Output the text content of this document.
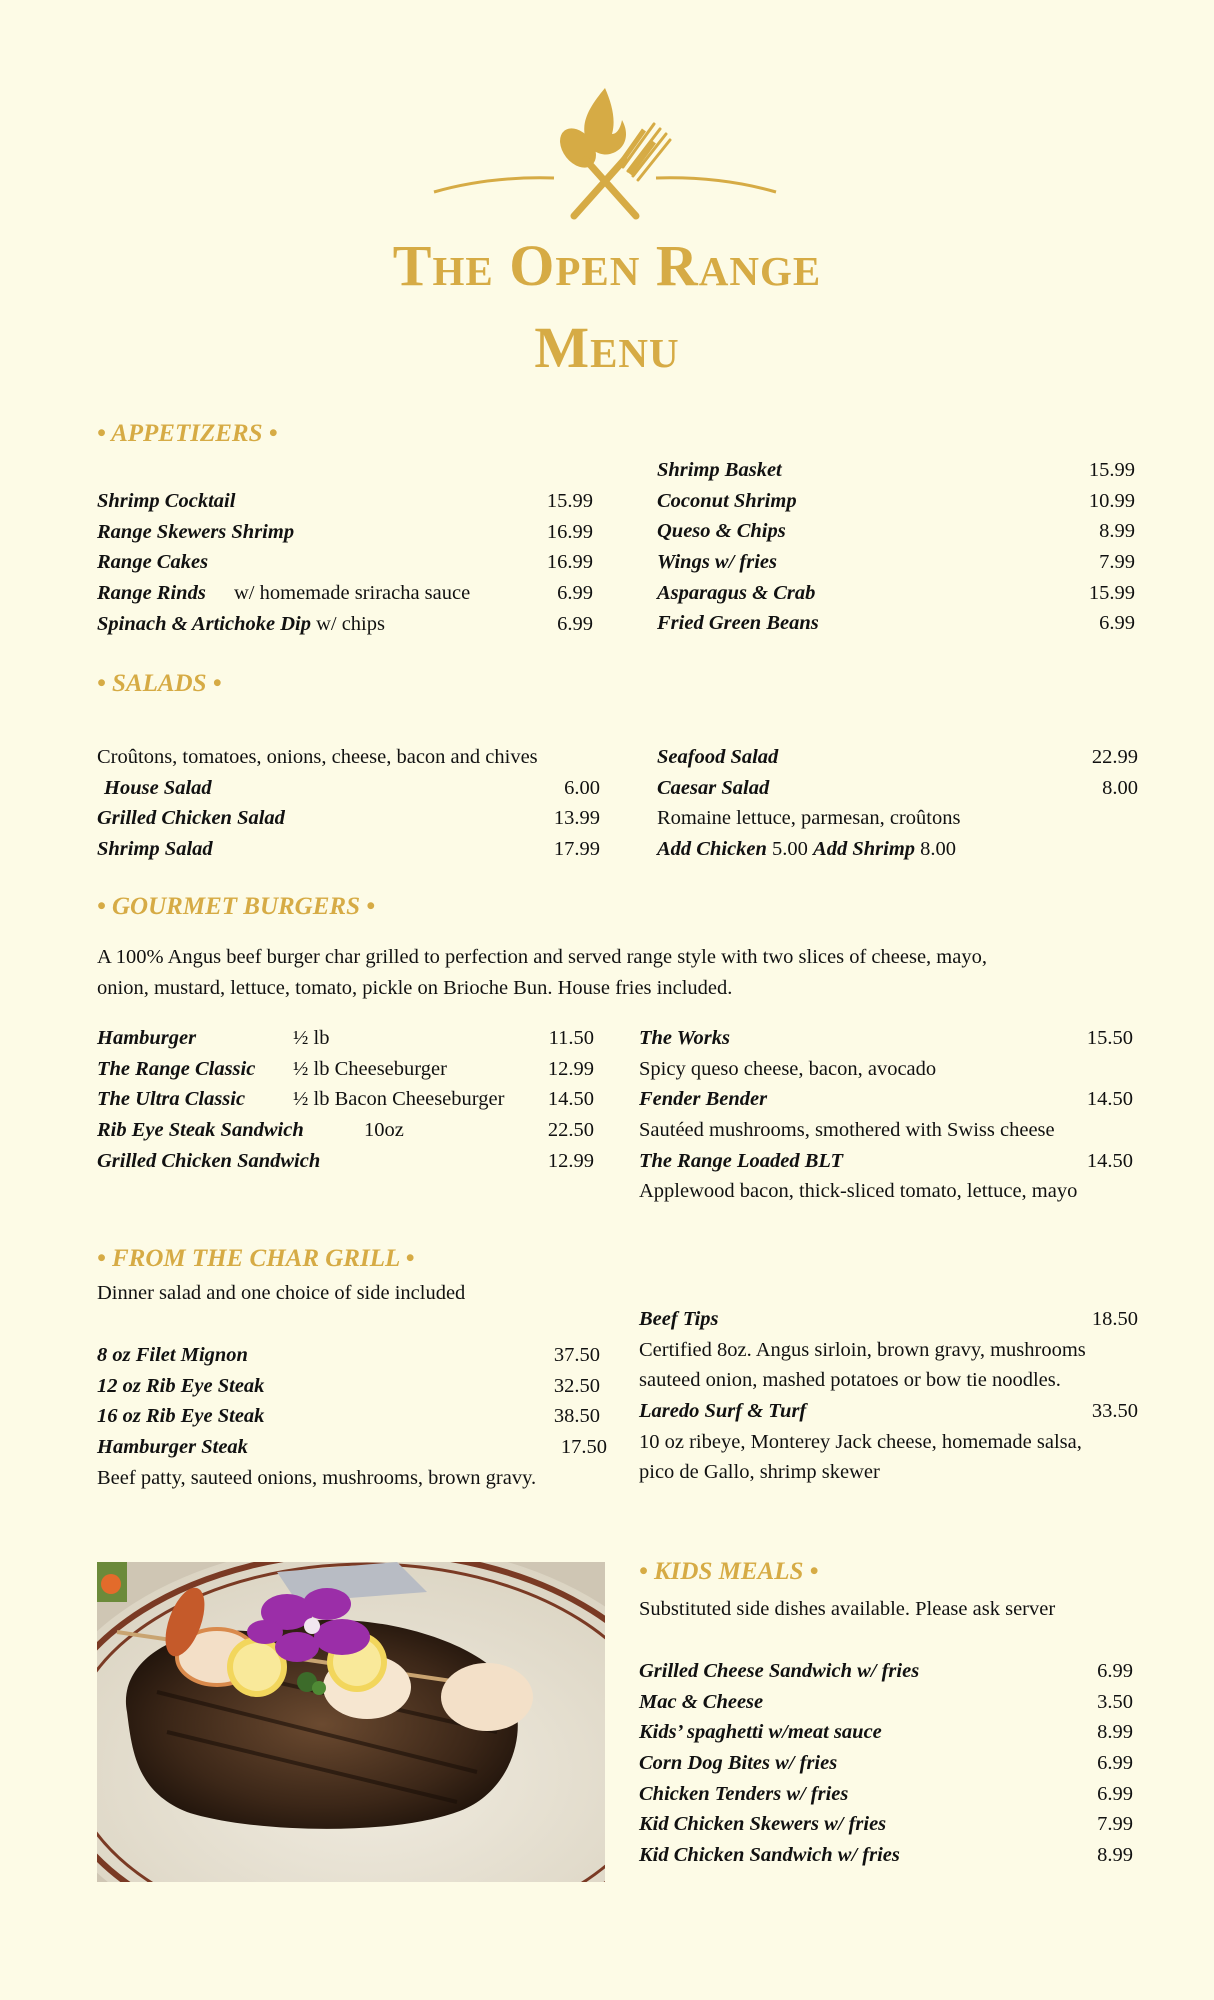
The Open Range
Menu
• APPETIZERS •
Shrimp Cocktail	15.99
Range Skewers Shrimp	16.99
Range Cakes	16.99
Range Rinds w/ homemade sriracha sauce	6.99
Spinach & Artichoke Dip w/ chips	6.99
Shrimp Basket	15.99
Coconut Shrimp	10.99
Queso & Chips	8.99
Wings w/ fries	7.99
Asparagus & Crab	15.99
Fried Green Beans	6.99
• SALADS •
Croûtons, tomatoes, onions, cheese, bacon and chives
House Salad	6.00
Grilled Chicken Salad	13.99
Shrimp Salad	17.99
Seafood Salad	22.99
Caesar Salad	8.00
Romaine lettuce, parmesan, croûtons
Add Chicken 5.00 Add Shrimp 8.00
• GOURMET BURGERS •
A 100% Angus beef burger char grilled to perfection and served range style with two slices of cheese, mayo,
onion, mustard, lettuce, tomato, pickle on Brioche Bun. House fries included.
Hamburger	½ lb	11.50
The Range Classic ½ lb Cheeseburger	12.99
The Ultra Classic ½ lb Bacon Cheeseburger 14.50
Rib Eye Steak Sandwich	10oz	22.50
Grilled Chicken Sandwich	12.99
The Works	15.50
Spicy queso cheese, bacon, avocado
Fender Bender	14.50
Sautéed mushrooms, smothered with Swiss cheese
The Range Loaded BLT	14.50
Applewood bacon, thick-sliced tomato, lettuce, mayo
• FROM THE CHAR GRILL •
Dinner salad and one choice of side included
8 oz Filet Mignon	37.50
12 oz Rib Eye Steak	32.50
16 oz Rib Eye Steak	38.50
Hamburger Steak	17.50
Beef patty, sauteed onions, mushrooms, brown gravy.
Beef Tips	18.50
Certified 8oz. Angus sirloin, brown gravy, mushrooms
sauteed onion, mashed potatoes or bow tie noodles.
Laredo Surf & Turf	33.50
10 oz ribeye, Monterey Jack cheese, homemade salsa,
pico de Gallo, shrimp skewer
• KIDS MEALS •
Substituted side dishes available. Please ask server
Grilled Cheese Sandwich w/ fries	6.99
Mac & Cheese	3.50
Kids’ spaghetti w/meat sauce	8.99
Corn Dog Bites w/ fries	6.99
Chicken Tenders w/ fries	6.99
Kid Chicken Skewers w/ fries	7.99
Kid Chicken Sandwich w/ fries	8.99
